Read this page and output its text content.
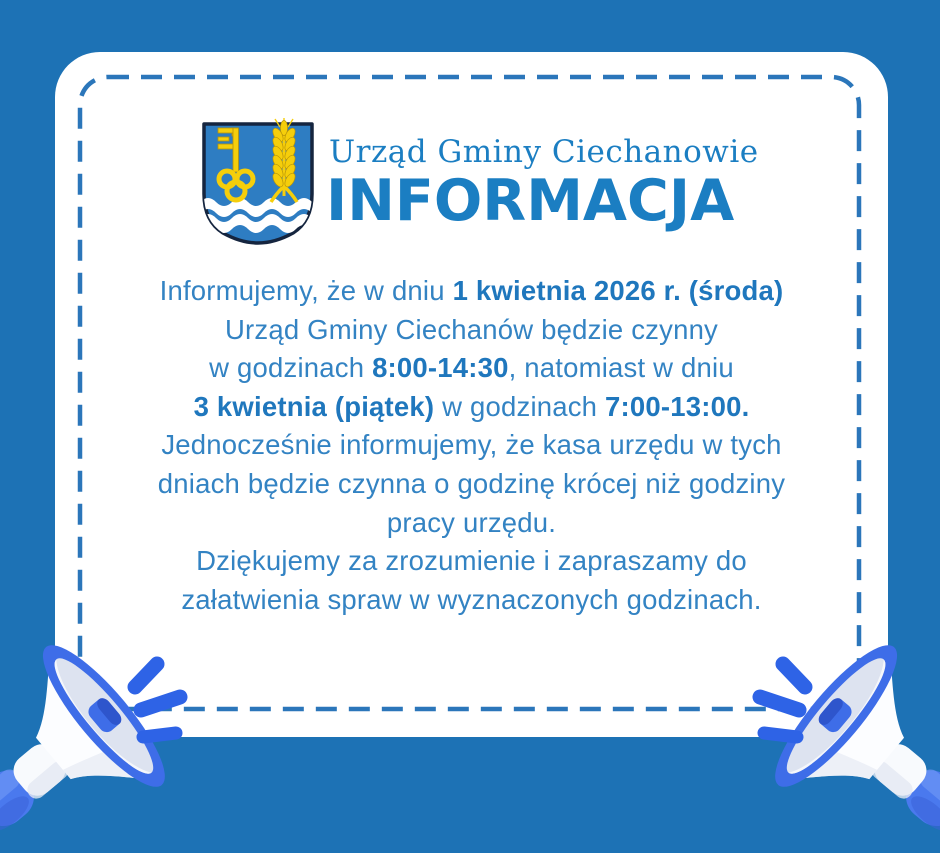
Urząd Gminy Ciechanowie
INFORMACJA
Informujemy, że w dniu 1 kwietnia 2026 r. (środa)
Urząd Gminy Ciechanów będzie czynny
w godzinach 8:00-14:30, natomiast w dniu
3 kwietnia (piątek) w godzinach 7:00-13:00.
Jednocześnie informujemy, że kasa urzędu w tych
dniach będzie czynna o godzinę krócej niż godziny
pracy urzędu.
Dziękujemy za zrozumienie i zapraszamy do
załatwienia spraw w wyznaczonych godzinach.
